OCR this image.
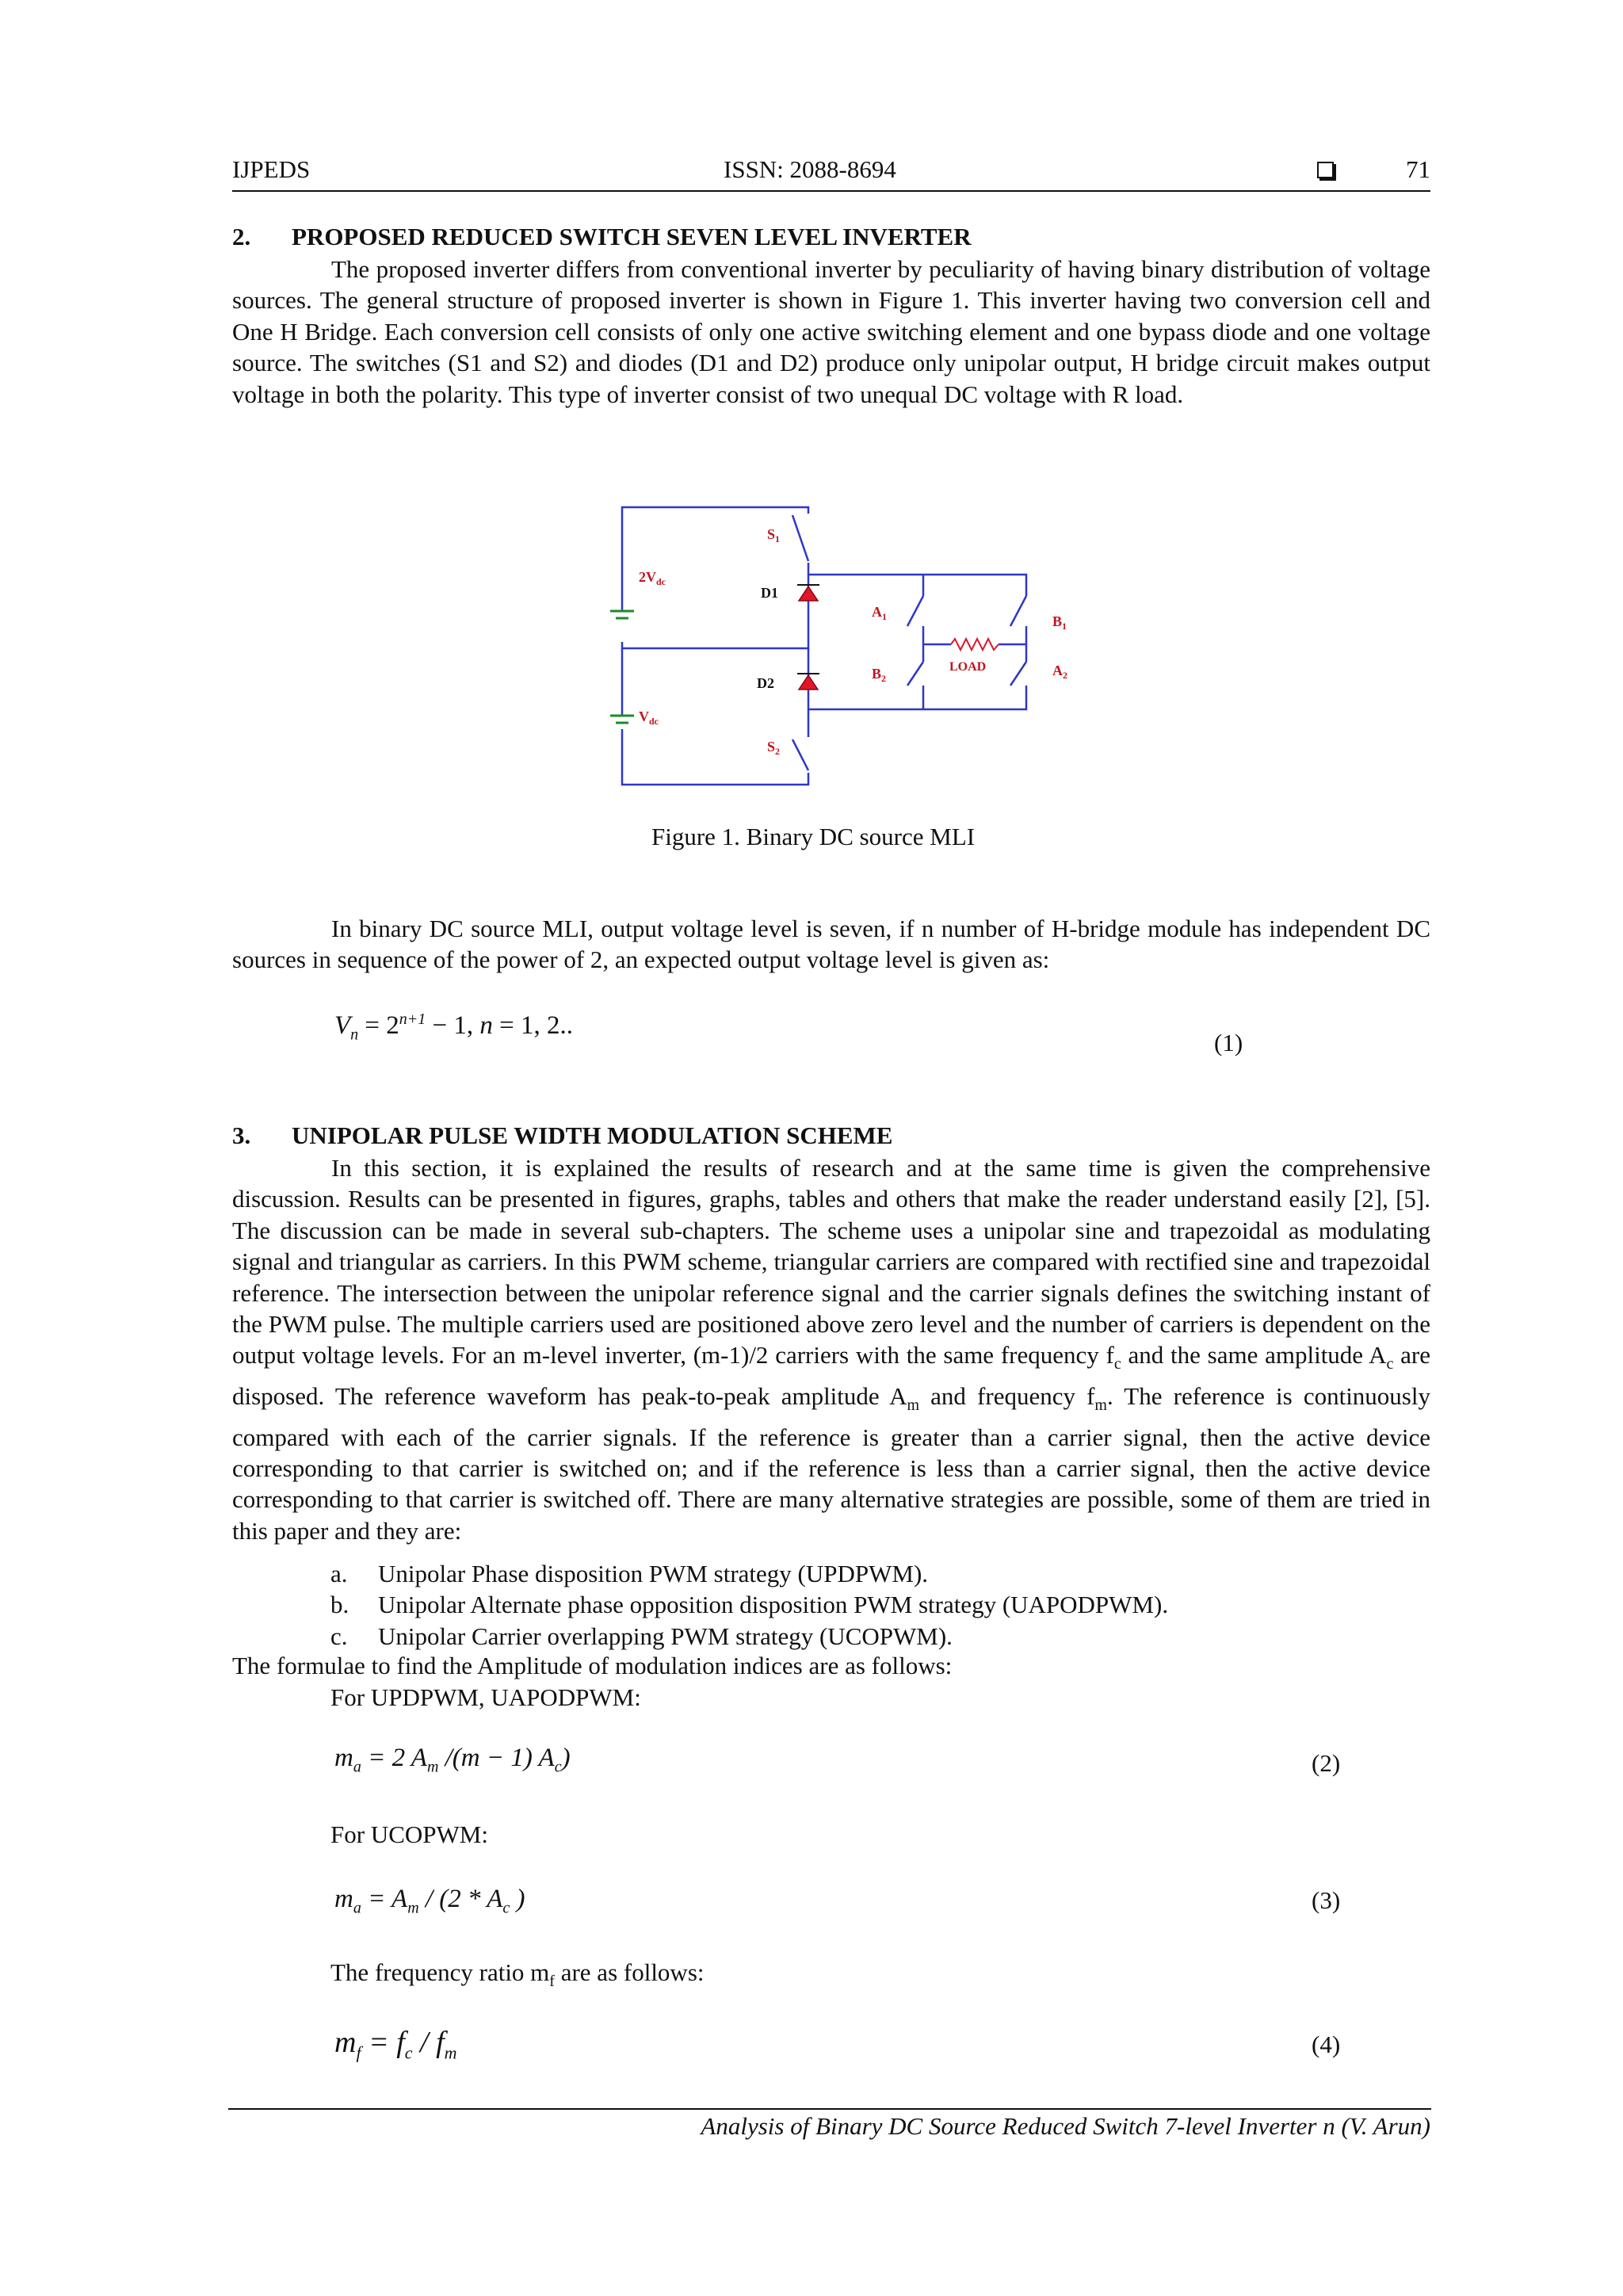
IJPEDS	ISSN: 2088-8694	71
2. PROPOSED REDUCED SWITCH SEVEN LEVEL INVERTER
The proposed inverter differs from conventional inverter by peculiarity of having binary distribution of voltage sources. The general structure of proposed inverter is shown in Figure 1. This inverter having two conversion cell and One H Bridge. Each conversion cell consists of only one active switching element and one bypass diode and one voltage source. The switches (S1 and S2) and diodes (D1 and D2) produce only unipolar output, H bridge circuit makes output voltage in both the polarity. This type of inverter consist of two unequal DC voltage with R load.
$S_1$
$S_2$
$A_1$
$B_2$
$B_1$
$A_2$
LOAD
$2V_{dc}$
$V_{dc}$
D1
D2
Figure 1. Binary DC source MLI
In binary DC source MLI, output voltage level is seven, if n number of H-bridge module has independent DC sources in sequence of the power of 2, an expected output voltage level is given as:
$V_n = 2^{n+1} - 1$, n = 1, 2..
(1)
3. UNIPOLAR PULSE WIDTH MODULATION SCHEME
In this section, it is explained the results of research and at the same time is given the comprehensive discussion. Results can be presented in figures, graphs, tables and others that make the reader understand easily [2], [5]. The discussion can be made in several sub-chapters. The scheme uses a unipolar sine and trapezoidal as modulating signal and triangular as carriers. In this PWM scheme, triangular carriers are compared with rectified sine and trapezoidal reference. The intersection between the unipolar reference signal and the carrier signals defines the switching instant of the PWM pulse. The multiple carriers used are positioned above zero level and the number of carriers is dependent on the output voltage levels. For an m-level inverter, (m-1)/2 carriers with the same frequency $f_c$ and the same amplitude $A_c$ are disposed. The reference waveform has peak-to-peak amplitude $A_m$ and frequency $f_m$. The reference is continuously compared with each of the carrier signals. If the reference is greater than a carrier signal, then the active device corresponding to that carrier is switched on; and if the reference is less than a carrier signal, then the active device corresponding to that carrier is switched off. There are many alternative strategies are possible, some of them are tried in this paper and they are:
a. Unipolar Phase disposition PWM strategy (UPDPWM).
b. Unipolar Alternate phase opposition disposition PWM strategy (UAPODPWM).
c. Unipolar Carrier overlapping PWM strategy (UCOPWM).
The formulae to find the Amplitude of modulation indices are as follows:
For UPDPWM, UAPODPWM:
$m_a = 2$ $A_m$ /(m − 1) $A_c$)	(2)
For UCOPWM:
$m_a = A_m / (2 * A_c$ )	(3)
The frequency ratio $m_f$ are as follows:
$m_f = f_c / f_m$	(4)
Analysis of Binary DC Source Reduced Switch 7-level Inverter n (V. Arun)
